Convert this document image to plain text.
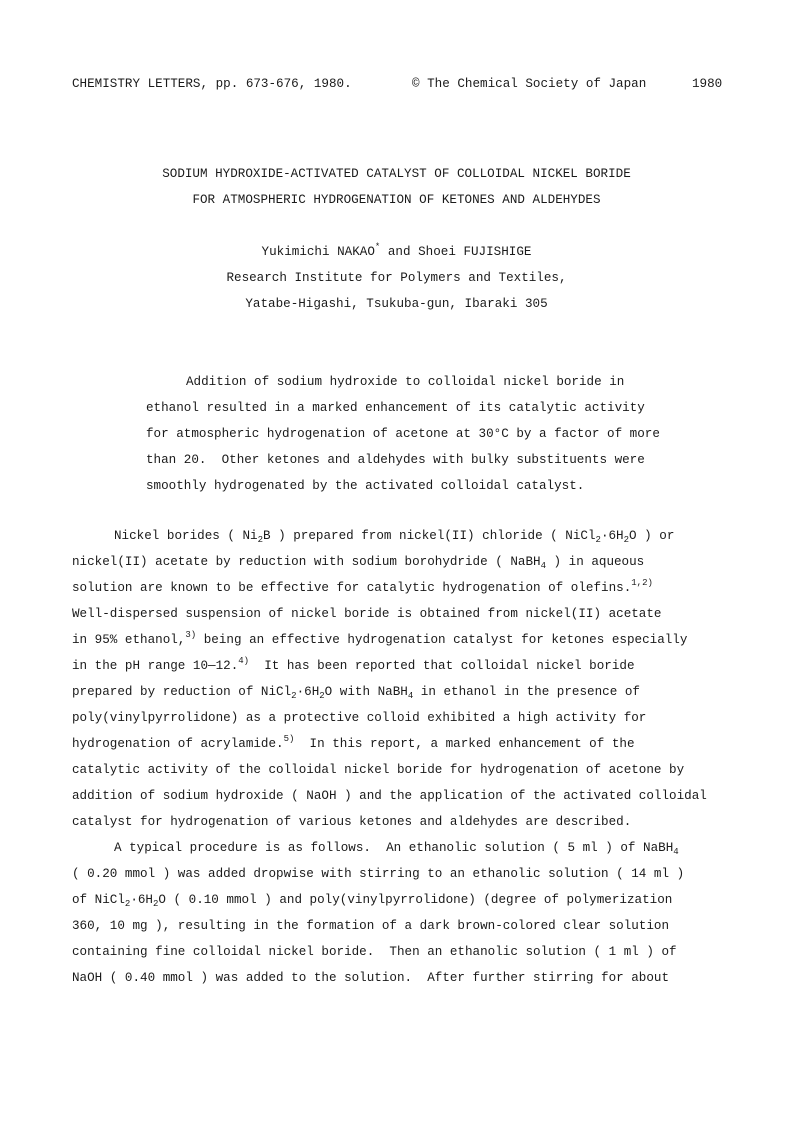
CHEMISTRY LETTERS, pp. 673-676, 1980.	© The Chemical Society of Japan	1980
SODIUM HYDROXIDE-ACTIVATED CATALYST OF COLLOIDAL NICKEL BORIDE
FOR ATMOSPHERIC HYDROGENATION OF KETONES AND ALDEHYDES
Yukimichi NAKAO* and Shoei FUJISHIGE
Research Institute for Polymers and Textiles,
Yatabe-Higashi, Tsukuba-gun, Ibaraki 305
Addition of sodium hydroxide to colloidal nickel boride in
ethanol resulted in a marked enhancement of its catalytic activity
for atmospheric hydrogenation of acetone at 30°C by a factor of more
than 20.  Other ketones and aldehydes with bulky substituents were
smoothly hydrogenated by the activated colloidal catalyst.
Nickel borides ( $Ni_2B$ ) prepared from nickel(II) chloride ( $NiCl_2\cdot 6H_2O$ ) or
nickel(II) acetate by reduction with sodium borohydride ( NaBH$_4$ ) in aqueous
solution are known to be effective for catalytic hydrogenation of olefins.$^{1,2)}$
Well-dispersed suspension of nickel boride is obtained from nickel(II) acetate
in 95% ethanol,$^{3)}$ being an effective hydrogenation catalyst for ketones especially
in the pH range 10—12.$^{4)}$  It has been reported that colloidal nickel boride
prepared by reduction of $NiCl_2\cdot 6H_2O$ with NaBH$_4$ in ethanol in the presence of
poly(vinylpyrrolidone) as a protective colloid exhibited a high activity for
hydrogenation of acrylamide.$^{5)}$  In this report, a marked enhancement of the
catalytic activity of the colloidal nickel boride for hydrogenation of acetone by
addition of sodium hydroxide ( NaOH ) and the application of the activated colloidal
catalyst for hydrogenation of various ketones and aldehydes are described.
A typical procedure is as follows.  An ethanolic solution ( 5 ml ) of NaBH$_4$
( 0.20 mmol ) was added dropwise with stirring to an ethanolic solution ( 14 ml )
of $NiCl_2\cdot 6H_2O$ ( 0.10 mmol ) and poly(vinylpyrrolidone) (degree of polymerization
360, 10 mg ), resulting in the formation of a dark brown-colored clear solution
containing fine colloidal nickel boride.  Then an ethanolic solution ( 1 ml ) of
NaOH ( 0.40 mmol ) was added to the solution.  After further stirring for about
